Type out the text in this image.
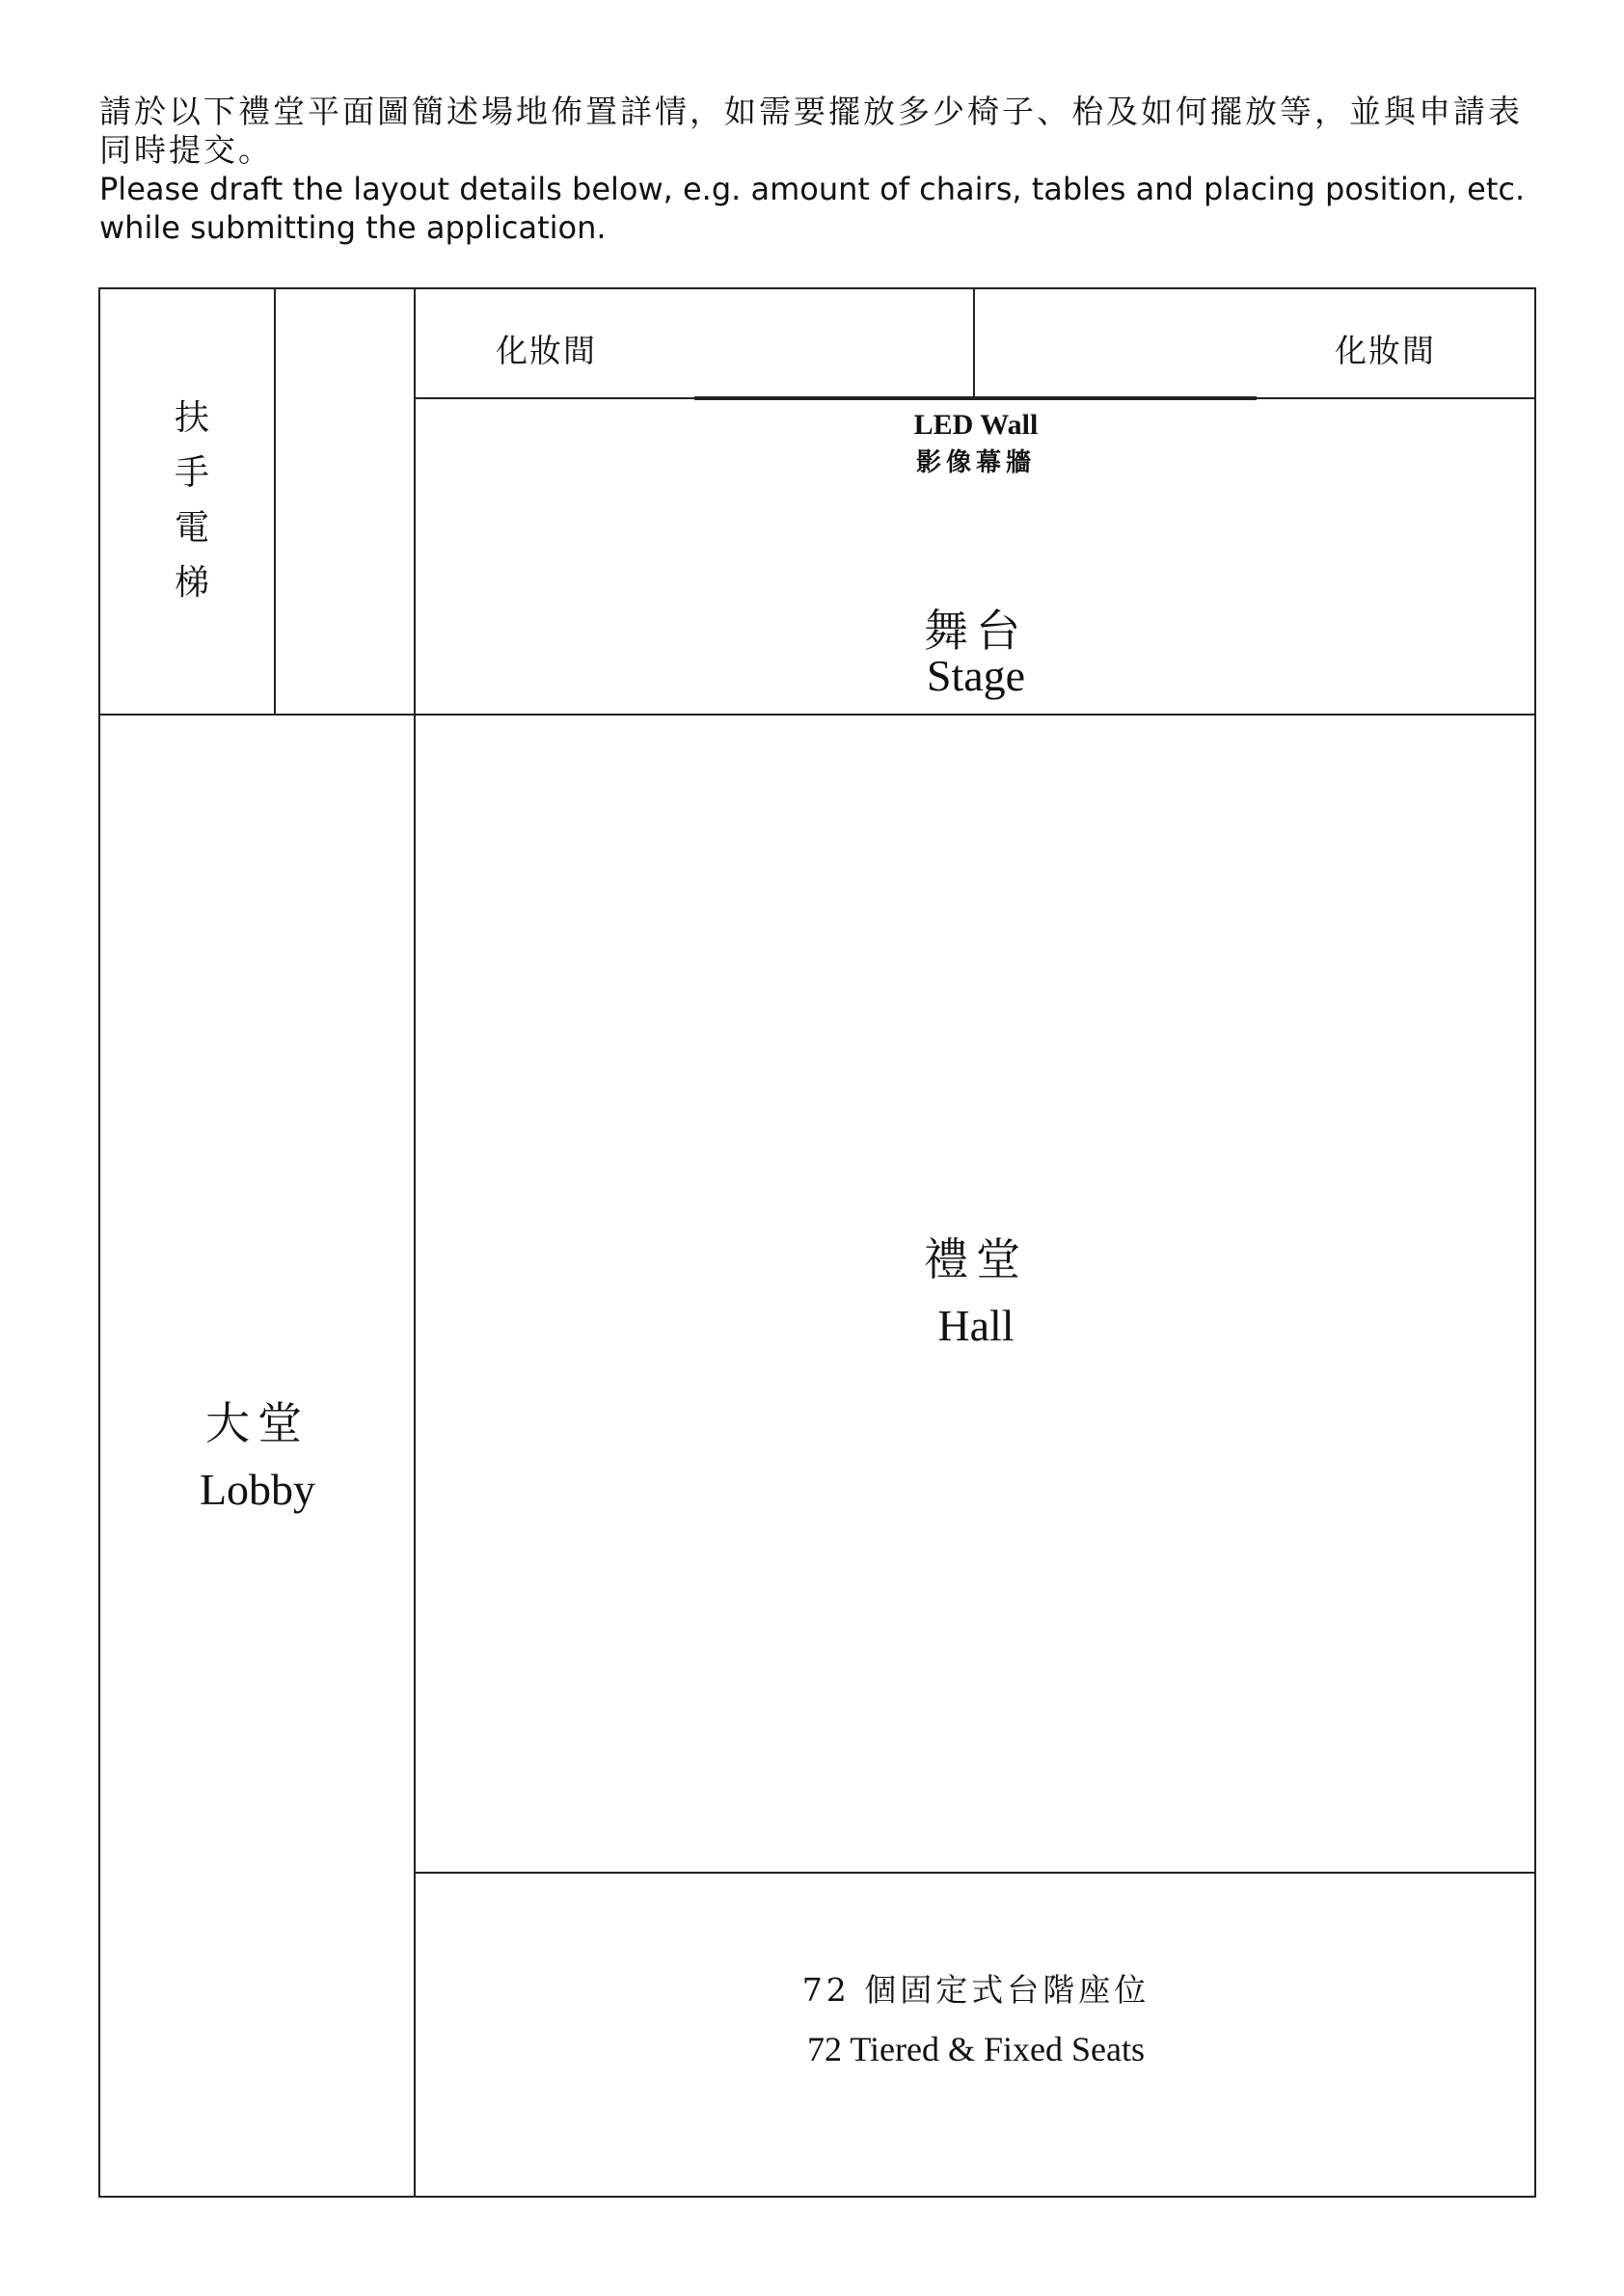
請於以下禮堂平面圖簡述場地佈置詳情，如需要擺放多少椅子、枱及如何擺放等，並與申請表同時提交。
Please draft the layout details below, e.g. amount of chairs, tables and placing position, etc. while submitting the application.
扶手電梯
化妝間	化妝間
LED Wall
影像幕牆
舞台
Stage
禮堂
Hall
大堂
Lobby
72 個固定式台階座位
72 Tiered & Fixed Seats
